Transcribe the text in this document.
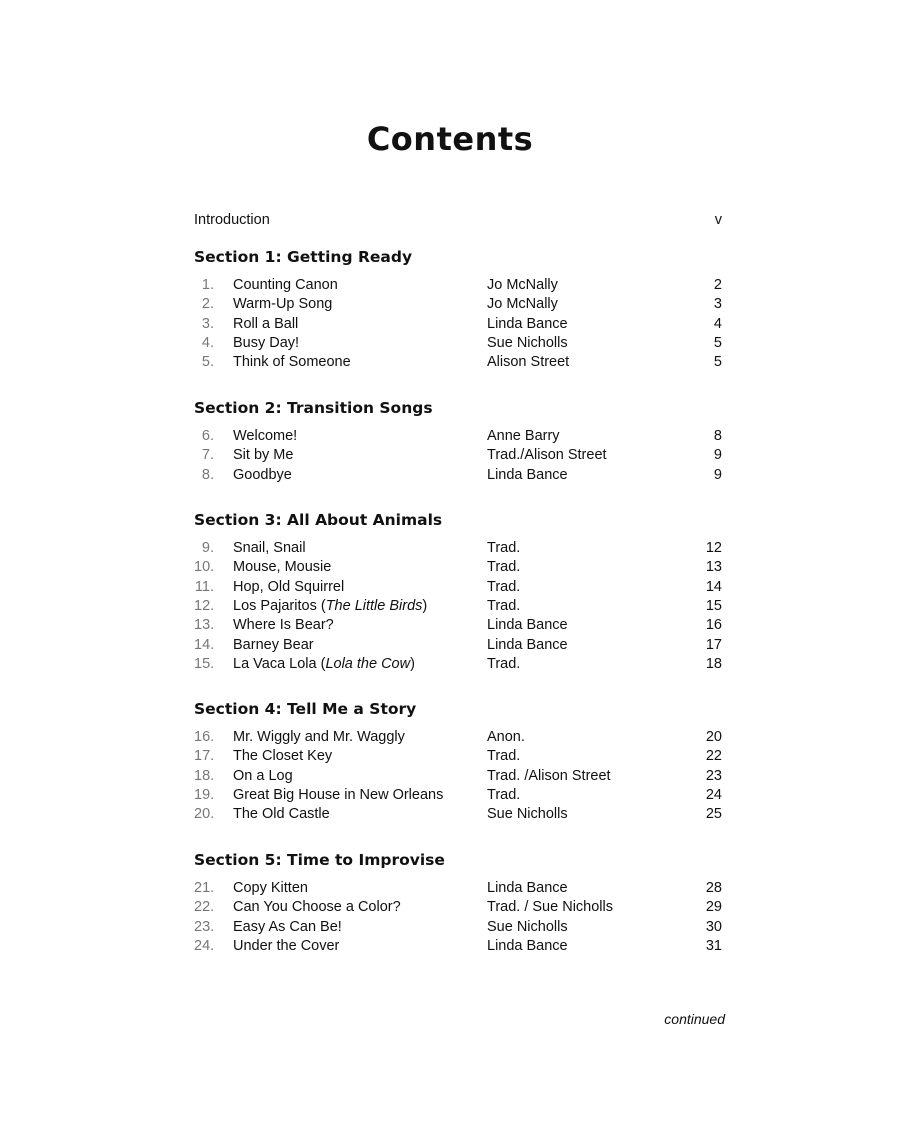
Contents
Introduction	v
Section 1: Getting Ready
1. Counting Canon	Jo McNally	2
2. Warm-Up Song	Jo McNally	3
3. Roll a Ball	Linda Bance	4
4. Busy Day!	Sue Nicholls	5
5. Think of Someone	Alison Street	5
Section 2: Transition Songs
6. Welcome!	Anne Barry	8
7. Sit by Me	Trad./Alison Street	9
8. Goodbye	Linda Bance	9
Section 3: All About Animals
9. Snail, Snail	Trad.	12
10. Mouse, Mousie	Trad.	13
11. Hop, Old Squirrel	Trad.	14
12. Los Pajaritos (The Little Birds)	Trad.	15
13. Where Is Bear?	Linda Bance	16
14. Barney Bear	Linda Bance	17
15. La Vaca Lola (Lola the Cow)	Trad.	18
Section 4: Tell Me a Story
16. Mr. Wiggly and Mr. Waggly	Anon.	20
17. The Closet Key	Trad.	22
18. On a Log	Trad. /Alison Street	23
19. Great Big House in New Orleans	Trad.	24
20. The Old Castle	Sue Nicholls	25
Section 5: Time to Improvise
21. Copy Kitten	Linda Bance	28
22. Can You Choose a Color?	Trad. / Sue Nicholls	29
23. Easy As Can Be!	Sue Nicholls	30
24. Under the Cover	Linda Bance	31
continued
